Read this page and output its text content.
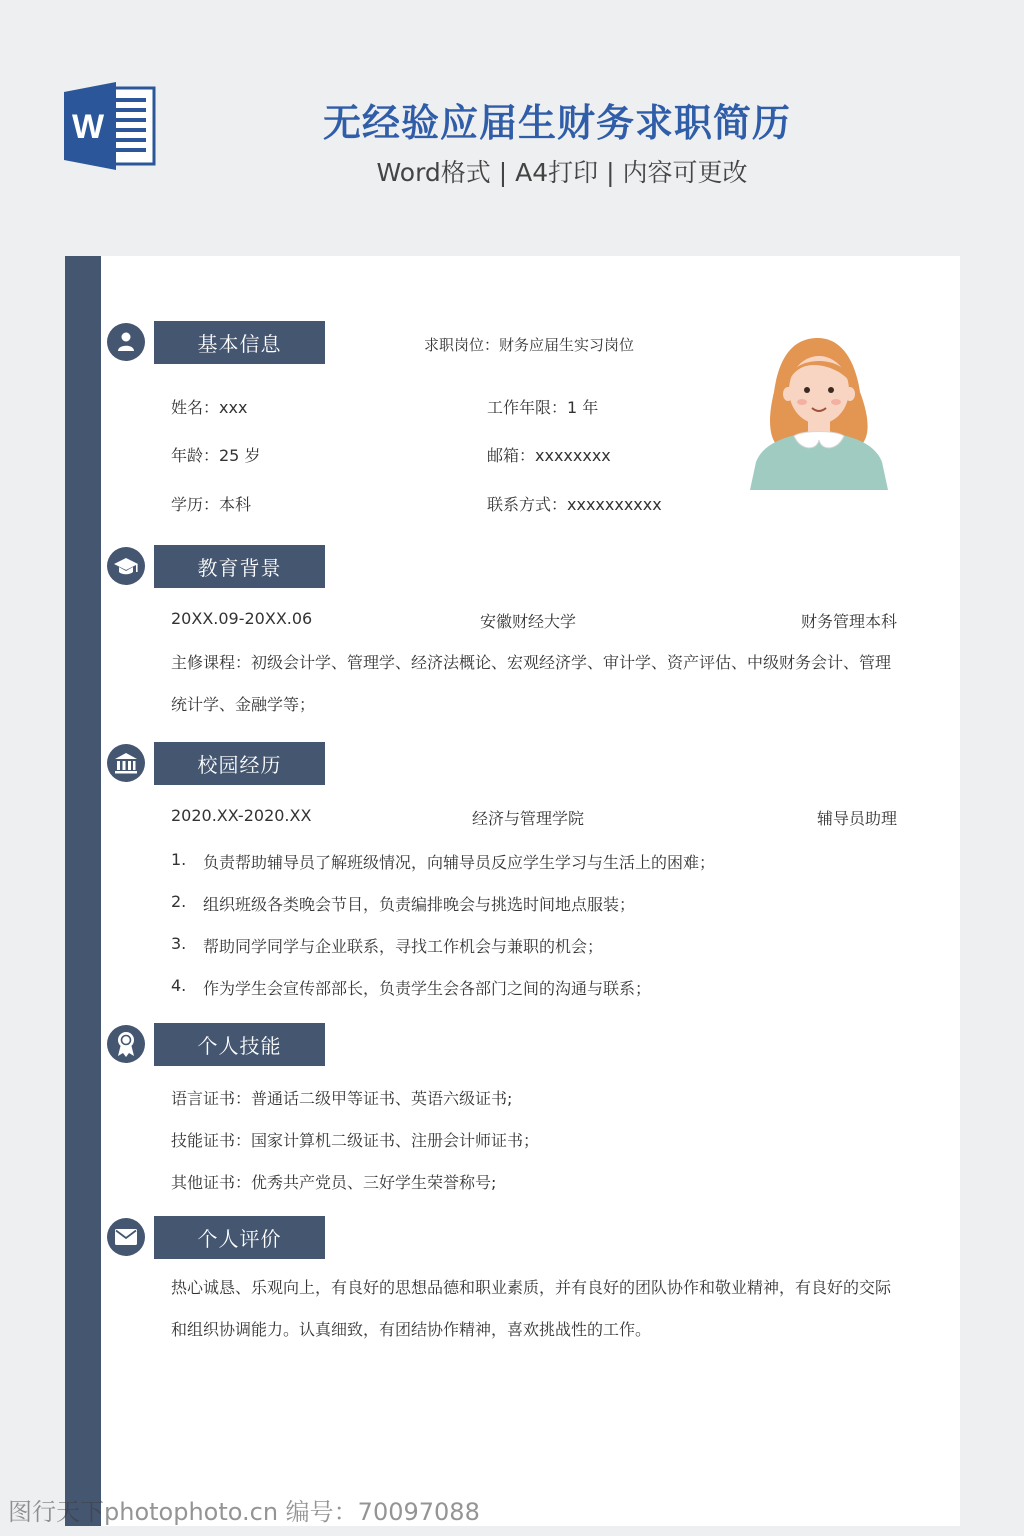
W	无经验应届生财务求职简历
Word格式 | A4打印 | 内容可更改
基本信息	求职岗位：财务应届生实习岗位
姓名：xxx	工作年限：1 年
年龄：25 岁	邮箱：xxxxxxxx
学历：本科	联系方式：xxxxxxxxxx
教育背景
20XX.09-20XX.06	安徽财经大学	财务管理本科
主修课程：初级会计学、管理学、经济法概论、宏观经济学、审计学、资产评估、中级财务会计、管理统计学、金融学等；
校园经历
2020.XX-2020.XX	经济与管理学院	辅导员助理
1. 负责帮助辅导员了解班级情况，向辅导员反应学生学习与生活上的困难；
2. 组织班级各类晚会节目，负责编排晚会与挑选时间地点服装；
3. 帮助同学同学与企业联系，寻找工作机会与兼职的机会；
4. 作为学生会宣传部部长，负责学生会各部门之间的沟通与联系；
个人技能
语言证书：普通话二级甲等证书、英语六级证书;
技能证书：国家计算机二级证书、注册会计师证书；
其他证书：优秀共产党员、三好学生荣誉称号;
个人评价
热心诚恳、乐观向上，有良好的思想品德和职业素质，并有良好的团队协作和敬业精神，有良好的交际和组织协调能力。认真细致，有团结协作精神，喜欢挑战性的工作。
图行天下photophoto.cn 编号：70097088
